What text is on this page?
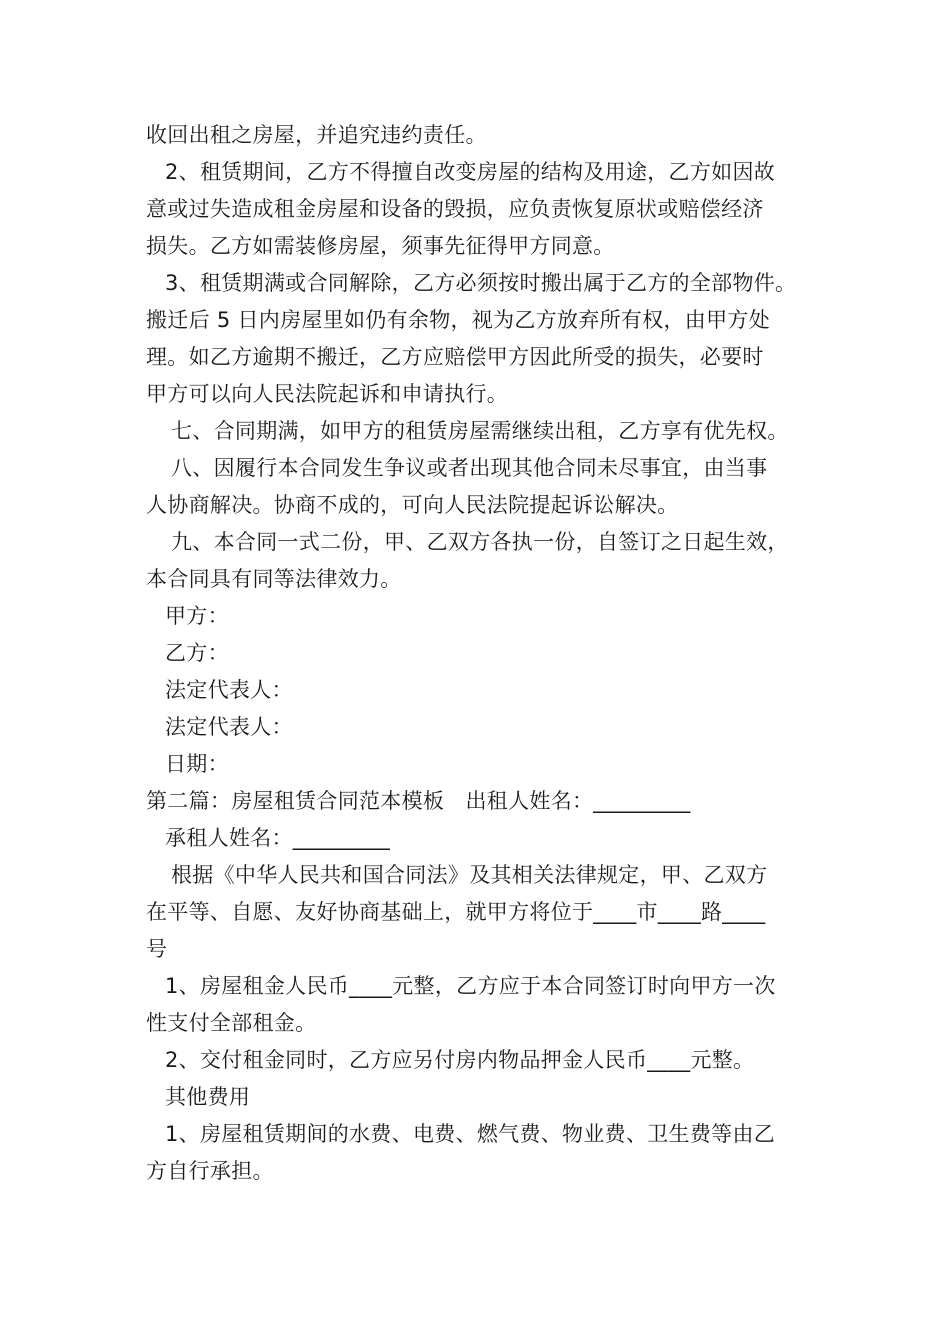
收回出租之房屋，并追究违约责任。
2、租赁期间，乙方不得擅自改变房屋的结构及用途，乙方如因故
意或过失造成租金房屋和设备的毁损，应负责恢复原状或赔偿经济
损失。乙方如需装修房屋，须事先征得甲方同意。
3、租赁期满或合同解除，乙方必须按时搬出属于乙方的全部物件。
搬迁后 5 日内房屋里如仍有余物，视为乙方放弃所有权，由甲方处
理。如乙方逾期不搬迁，乙方应赔偿甲方因此所受的损失，必要时
甲方可以向人民法院起诉和申请执行。
七、合同期满，如甲方的租赁房屋需继续出租，乙方享有优先权。
八、因履行本合同发生争议或者出现其他合同未尽事宜，由当事
人协商解决。协商不成的，可向人民法院提起诉讼解决。
九、本合同一式二份，甲、乙双方各执一份，自签订之日起生效，
本合同具有同等法律效力。
甲方：
乙方：
法定代表人：
法定代表人：
日期：
第二篇：房屋租赁合同范本模板　出租人姓名：_________
承租人姓名：_________
根据《中华人民共和国合同法》及其相关法律规定，甲、乙双方
在平等、自愿、友好协商基础上，就甲方将位于____市____路____
号
1、房屋租金人民币____元整，乙方应于本合同签订时向甲方一次
性支付全部租金。
2、交付租金同时，乙方应另付房内物品押金人民币____元整。
其他费用
1、房屋租赁期间的水费、电费、燃气费、物业费、卫生费等由乙
方自行承担。
